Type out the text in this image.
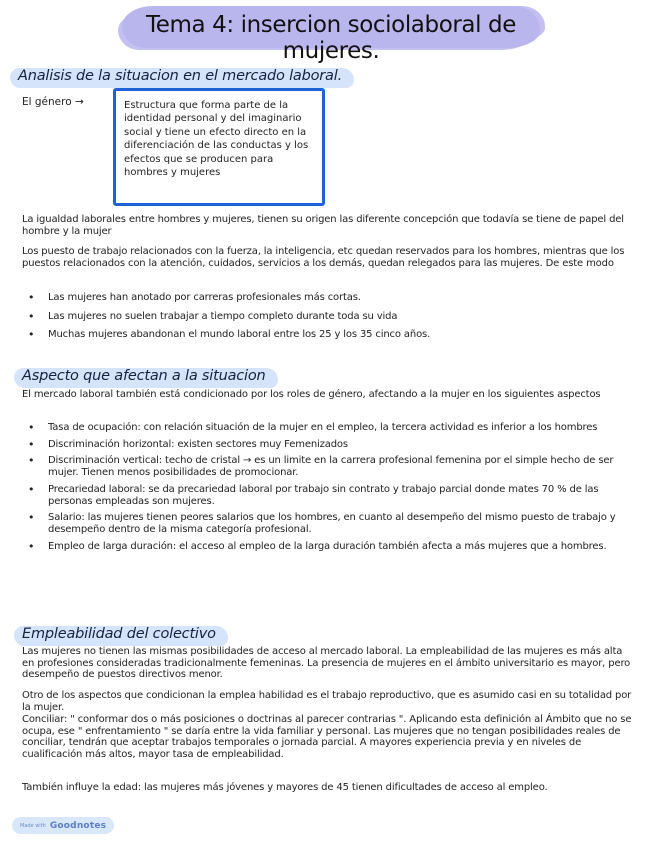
Tema 4: insercion sociolaboral de mujeres.
Analisis de la situacion en el mercado laboral.
El género →	Estructura que forma parte de la identidad personal y del imaginario social y tiene un efecto directo en la diferenciación de las conductas y los efectos que se producen para hombres y mujeres
La igualdad laborales entre hombres y mujeres, tienen su origen las diferente concepción que todavía se tiene de papel del hombre y la mujer
Los puesto de trabajo relacionados con la fuerza, la inteligencia, etc quedan reservados para los hombres, mientras que los puestos relacionados con la atención, cuidados, servicios a los demás, quedan relegados para las mujeres. De este modo
• Las mujeres han anotado por carreras profesionales más cortas.
• Las mujeres no suelen trabajar a tiempo completo durante toda su vida
• Muchas mujeres abandonan el mundo laboral entre los 25 y los 35 cinco años.
Aspecto que afectan a la situacion
El mercado laboral también está condicionado por los roles de género, afectando a la mujer en los siguientes aspectos
• Tasa de ocupación: con relación situación de la mujer en el empleo, la tercera actividad es inferior a los hombres
• Discriminación horizontal: existen sectores muy Femenizados
• Discriminación vertical: techo de cristal → es un limite en la carrera profesional femenina por el simple hecho de ser mujer. Tienen menos posibilidades de promocionar.
• Precariedad laboral: se da precariedad laboral por trabajo sin contrato y trabajo parcial donde mates 70 % de las personas empleadas son mujeres.
• Salario: las mujeres tienen peores salarios que los hombres, en cuanto al desempeño del mismo puesto de trabajo y desempeño dentro de la misma categoría profesional.
• Empleo de larga duración: el acceso al empleo de la larga duración también afecta a más mujeres que a hombres.
Empleabilidad del colectivo
Las mujeres no tienen las mismas posibilidades de acceso al mercado laboral. La empleabilidad de las mujeres es más alta en profesiones consideradas tradicionalmente femeninas. La presencia de mujeres en el ámbito universitario es mayor, pero desempeño de puestos directivos menor.
Otro de los aspectos que condicionan la emplea habilidad es el trabajo reproductivo, que es asumido casi en su totalidad por la mujer.
Conciliar: " conformar dos o más posiciones o doctrinas al parecer contrarias ". Aplicando esta definición al Ámbito que no se ocupa, ese " enfrentamiento " se daría entre la vida familiar y personal. Las mujeres que no tengan posibilidades reales de conciliar, tendrán que aceptar trabajos temporales o jornada parcial. A mayores experiencia previa y en niveles de cualificación más altos, mayor tasa de empleabilidad.
También influye la edad: las mujeres más jóvenes y mayores de 45 tienen dificultades de acceso al empleo.
Made with Goodnotes
